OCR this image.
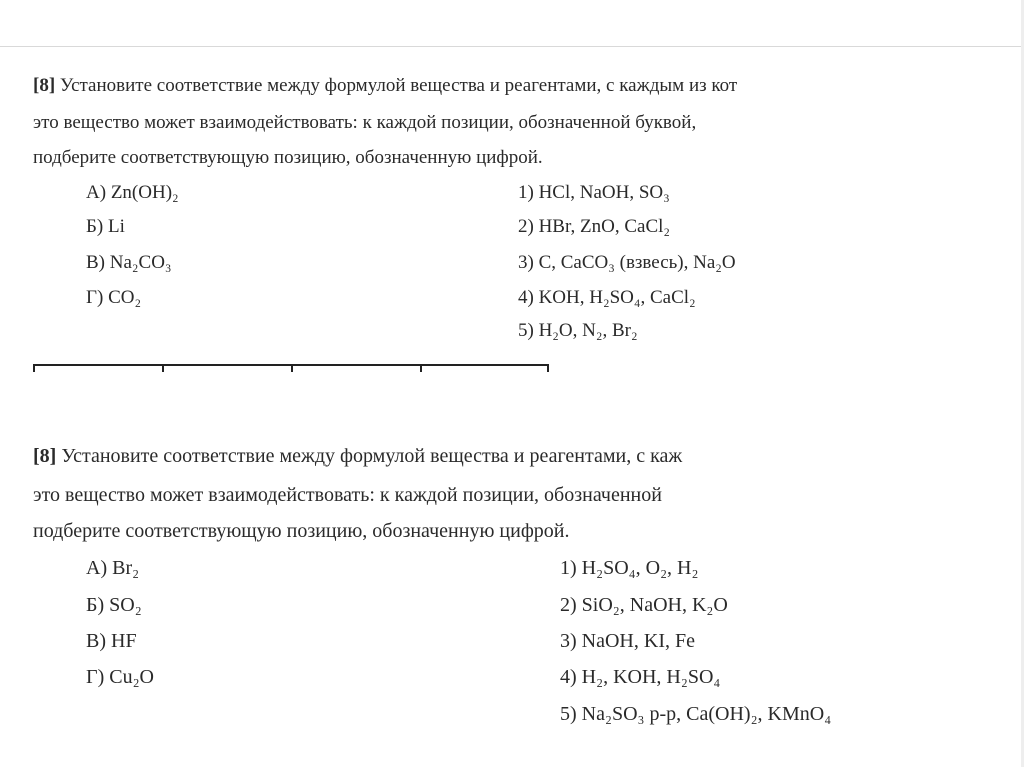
[8] Установите соответствие между формулой вещества и реагентами, с каждым из кот
это вещество может взаимодействовать: к каждой позиции, обозначенной буквой,
подберите соответствующую позицию, обозначенную цифрой.
А) Zn(OH)₂
Б) Li
В) Na₂CO₃
Г) CO₂
1) HCl, NaOH, SO₃
2) HBr, ZnO, CaCl₂
3) C, CaCO₃ (взвесь), Na₂O
4) KOH, H₂SO₄, CaCl₂
5) H₂O, N₂, Br₂
[8] Установите соответствие между формулой вещества и реагентами, с каж
это вещество может взаимодействовать: к каждой позиции, обозначенной
подберите соответствующую позицию, обозначенную цифрой.
А) Br₂
Б) SO₂
В) HF
Г) Cu₂O
1) H₂SO₄, O₂, H₂
2) SiO₂, NaOH, K₂O
3) NaOH, KI, Fe
4) H₂, KOH, H₂SO₄
5) Na₂SO₃ р-р, Ca(OH)₂, KMnO₄
